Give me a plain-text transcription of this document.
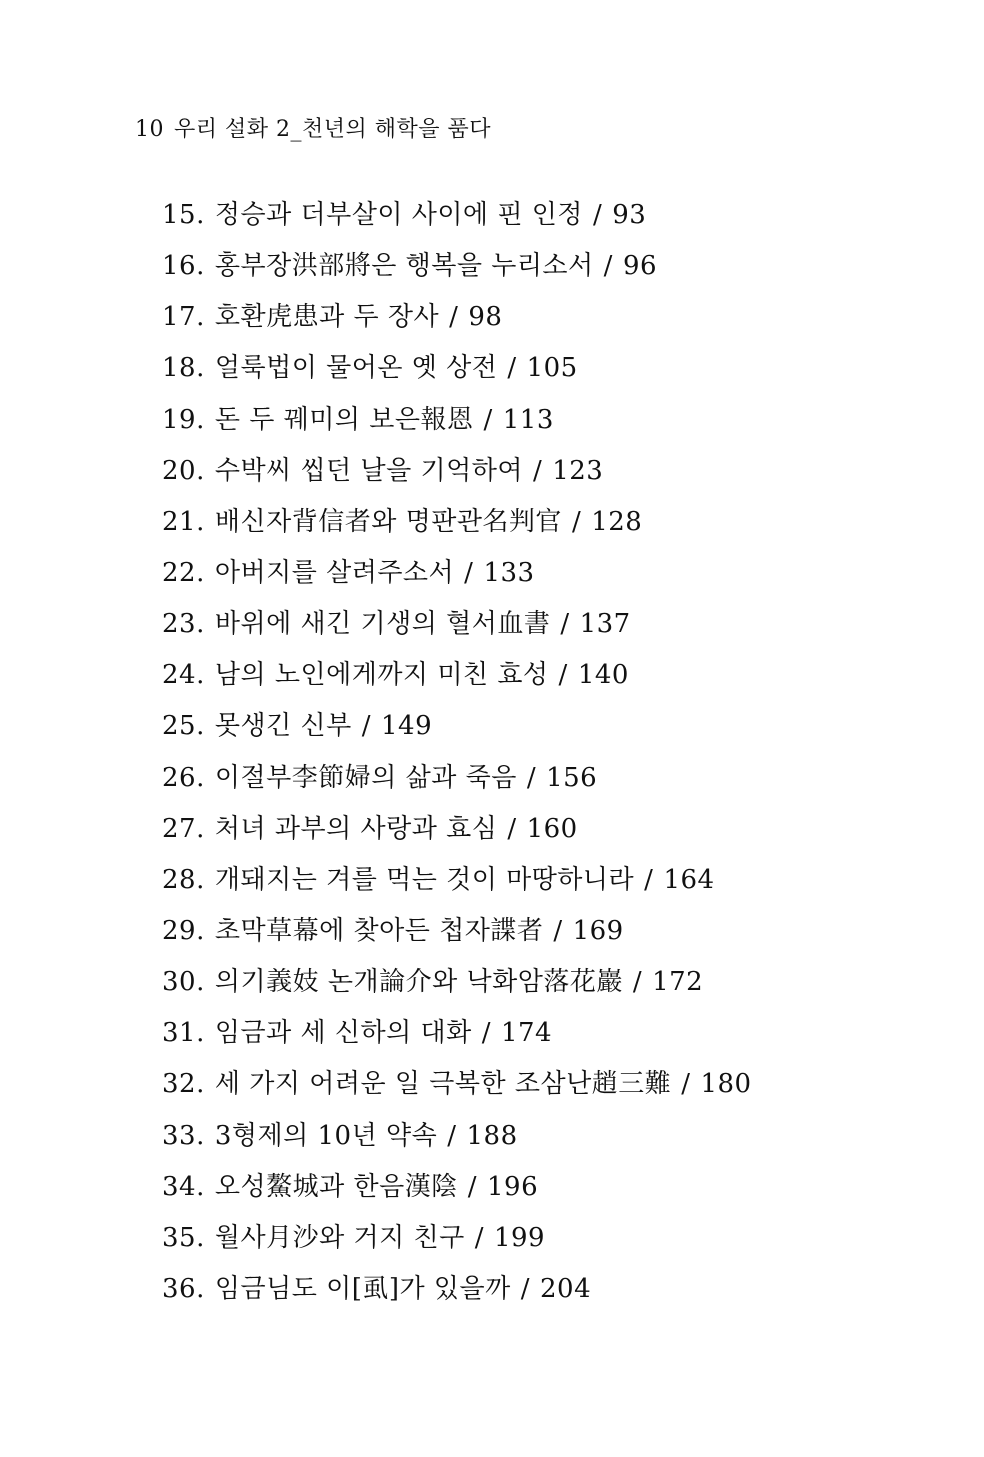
10 우리 설화 2_천년의 해학을 품다
15. 정승과 더부살이 사이에 핀 인정 / 93
16. 홍부장洪部將은 행복을 누리소서 / 96
17. 호환虎患과 두 장사 / 98
18. 얼룩법이 물어온 옛 상전 / 105
19. 돈 두 꿰미의 보은報恩 / 113
20. 수박씨 씹던 날을 기억하여 / 123
21. 배신자背信者와 명판관名判官 / 128
22. 아버지를 살려주소서 / 133
23. 바위에 새긴 기생의 혈서血書 / 137
24. 남의 노인에게까지 미친 효성 / 140
25. 못생긴 신부 / 149
26. 이절부李節婦의 삶과 죽음 / 156
27. 처녀 과부의 사랑과 효심 / 160
28. 개돼지는 겨를 먹는 것이 마땅하니라 / 164
29. 초막草幕에 찾아든 첩자諜者 / 169
30. 의기義妓 논개論介와 낙화암落花巖 / 172
31. 임금과 세 신하의 대화 / 174
32. 세 가지 어려운 일 극복한 조삼난趙三難 / 180
33. 3형제의 10년 약속 / 188
34. 오성鰲城과 한음漢陰 / 196
35. 월사月沙와 거지 친구 / 199
36. 임금님도 이[虱]가 있을까 / 204
